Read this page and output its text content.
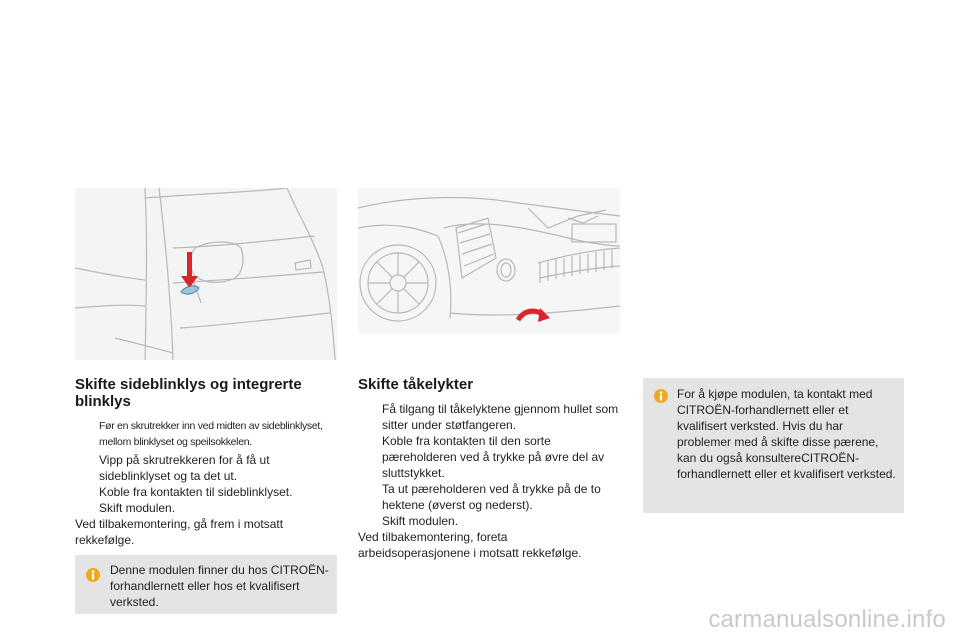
Skifte sideblinklys og integrerte blinklys
Før en skrutrekker inn ved midten av sideblinklyset, mellom blinklyset og speilsokkelen.
Vipp på skrutrekkeren for å få ut sideblinklyset og ta det ut.
Koble fra kontakten til sideblinklyset.
Skift modulen.

Ved tilbakemontering, gå frem i motsatt rekkefølge.

Skifte tåkelykter
Få tilgang til tåkelyktene gjennom hullet som sitter under støtfangeren.
Koble fra kontakten til den sorte pæreholderen ved å trykke på øvre del av sluttstykket.
Ta ut pæreholderen ved å trykke på de to hektene (øverst og nederst).
Skift modulen.

Ved tilbakemontering, foreta arbeidsoperasjonene i motsatt rekkefølge.

Denne modulen finner du hos CITROËN-forhandlernett eller hos et kvalifisert verksted.
For å kjøpe modulen, ta kontakt med CITROËN-forhandlernett eller et kvalifisert verksted. Hvis du har problemer med å skifte disse pærene, kan du også konsultereCITROËN-forhandlernett eller et kvalifisert verksted.
carmanualsonline.info
